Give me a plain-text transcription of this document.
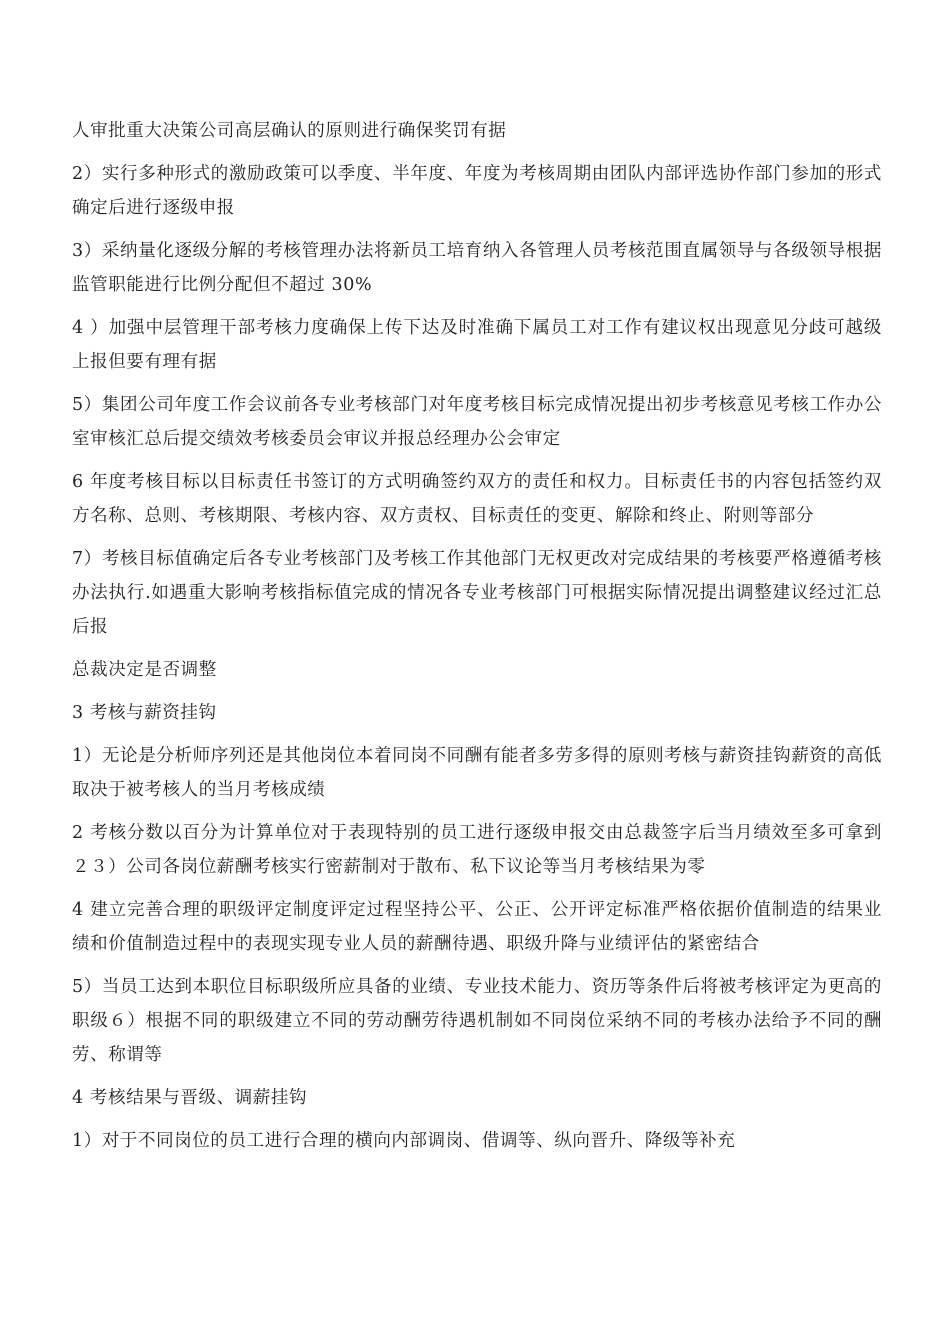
人审批重大决策公司高层确认的原则进行确保奖罚有据

2）实行多种形式的激励政策可以季度、半年度、年度为考核周期由团队内部评选协作部门参加的形式确定后进行逐级申报

3）采纳量化逐级分解的考核管理办法将新员工培育纳入各管理人员考核范围直属领导与各级领导根据监管职能进行比例分配但不超过 30%

4 ）加强中层管理干部考核力度确保上传下达及时准确下属员工对工作有建议权出现意见分歧可越级上报但要有理有据

5）集团公司年度工作会议前各专业考核部门对年度考核目标完成情况提出初步考核意见考核工作办公室审核汇总后提交绩效考核委员会审议并报总经理办公会审定

6 年度考核目标以目标责任书签订的方式明确签约双方的责任和权力。目标责任书的内容包括签约双方名称、总则、考核期限、考核内容、双方责权、目标责任的变更、解除和终止、附则等部分

7）考核目标值确定后各专业考核部门及考核工作其他部门无权更改对完成结果的考核要严格遵循考核办法执行.如遇重大影响考核指标值完成的情况各专业考核部门可根据实际情况提出调整建议经过汇总后报

总裁决定是否调整

3 考核与薪资挂钩

1）无论是分析师序列还是其他岗位本着同岗不同酬有能者多劳多得的原则考核与薪资挂钩薪资的高低取决于被考核人的当月考核成绩

2 考核分数以百分为计算单位对于表现特别的员工进行逐级申报交由总裁签字后当月绩效至多可拿到２３）公司各岗位薪酬考核实行密薪制对于散布、私下议论等当月考核结果为零

4 建立完善合理的职级评定制度评定过程坚持公平、公正、公开评定标准严格依据价值制造的结果业绩和价值制造过程中的表现实现专业人员的薪酬待遇、职级升降与业绩评估的紧密结合

5）当员工达到本职位目标职级所应具备的业绩、专业技术能力、资历等条件后将被考核评定为更高的职级６）根据不同的职级建立不同的劳动酬劳待遇机制如不同岗位采纳不同的考核办法给予不同的酬劳、称谓等

4 考核结果与晋级、调薪挂钩

1）对于不同岗位的员工进行合理的横向内部调岗、借调等、纵向晋升、降级等补充
